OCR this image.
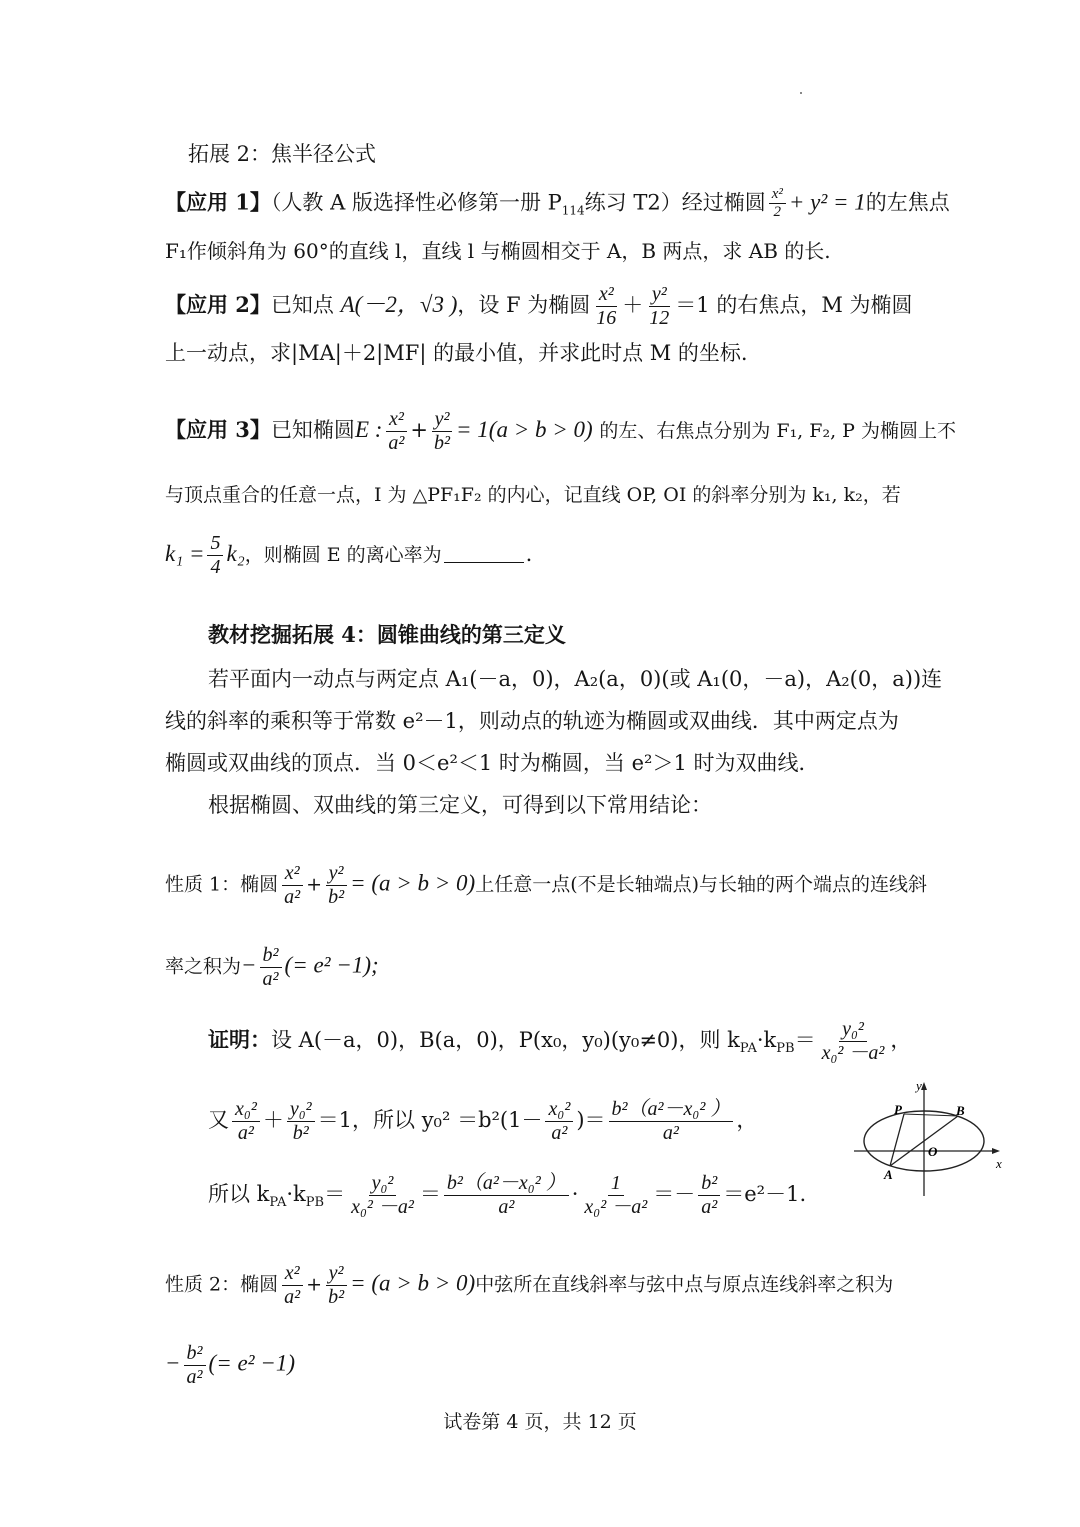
拓展 2：焦半径公式
【应用 1】（人教 A 版选择性必修第一册 $P_{114}$练习 T2）经过椭圆 $\frac{\text{x²}}{2} + y^2 = 1$的左焦点
F₁作倾斜角为 60°的直线 l，直线 l 与椭圆相交于 A，B 两点，求 AB 的长.
【应用 2】已知点 A(－2，√3 )，设 F 为椭圆 $\frac{\text{x²}}{16} + \frac{\text{y²}}{12} =1$ 的右焦点，M 为椭圆
上一动点，求|MA|＋2|MF| 的最小值，并求此时点 M 的坐标.
【应用 3】已知椭圆E : $\frac{\text{x²}}{\text{a²}} + \frac{\text{y²}}{\text{b²}} = 1(a > b > 0)$ 的左、右焦点分别为 F₁, F₂, P 为椭圆上不
与顶点重合的任意一点，I 为 △PF₁F₂ 的内心，记直线 OP, OI 的斜率分别为 k₁, k₂，若
$k_1 = \frac{5}{4} k_2$，则椭圆 E 的离心率为	.
教材挖掘拓展 4：圆锥曲线的第三定义
若平面内一动点与两定点 A₁(－a，0)，A₂(a，0)(或 A₁(0，－a)，A₂(0，a))连
线的斜率的乘积等于常数 e²－1，则动点的轨迹为椭圆或双曲线．其中两定点为
椭圆或双曲线的顶点．当 0＜e²＜1 时为椭圆，当 e²＞1 时为双曲线．
根据椭圆、双曲线的第三定义，可得到以下常用结论：
性质 1：椭圆 $\frac{\text{x²}}{\text{a²}} + \frac{\text{y²}}{\text{b²}} = (a > b > 0)$上任意一点(不是长轴端点)与长轴的两个端点的连线斜
率之积为− $\frac{\text{b²}}{\text{a²}}$ (= e² −1);
证明：设 A(－a，0)，B(a，0)，P(x₀，y₀)(y₀≠0)，则 $k_{PA}\cdot k_{PB}= \frac{\text{y₀²}}{\text{x₀² －a²}}$ ，
又 $\frac{\text{x₀²}}{\text{a²}} + \frac{\text{y₀²}}{\text{b²}} =1$，所以 $y_0^2 =b^2(1- \frac{\text{x₀²}}{\text{a²}}$ )＝ $\frac{\text{b²（a²－x₀² ）}}{\text{a²}}$ ，
所以 $k_{PA}\cdot k_{PB}= \frac{\text{y₀²}}{\text{x₀² －a²}} = \frac{\text{b²（a²－x₀² ）}}{\text{a²}} \cdot \frac{1}{\text{x₀² －a²}} =- \frac{\text{b²}}{\text{a²}} =e^2-1$.
y
x
P	B
O
A
性质 2：椭圆 $\frac{\text{x²}}{\text{a²}} + \frac{\text{y²}}{\text{b²}} = (a > b > 0)$中弦所在直线斜率与弦中点与原点连线斜率之积为
− $\frac{\text{b²}}{\text{a²}}$ (= e² −1)
试卷第 4 页，共 12 页
